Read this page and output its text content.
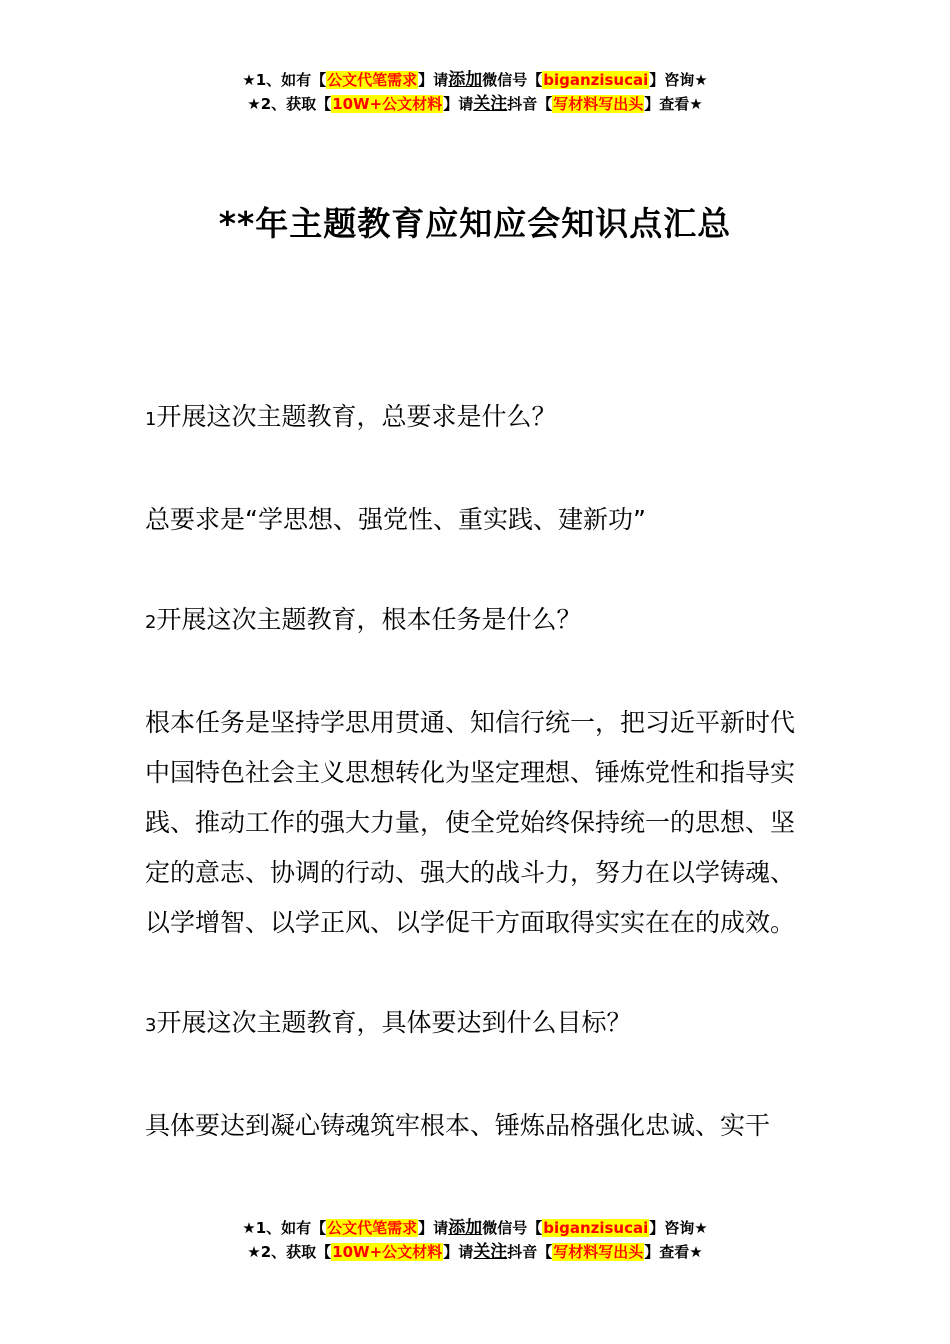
★1、如有【公文代笔需求】请添加微信号【biganzisucai】咨询★
★2、获取【10W+公文材料】请关注抖音【写材料写出头】查看★
**年主题教育应知应会知识点汇总

1开展这次主题教育，总要求是什么？

总要求是“学思想、强党性、重实践、建新功”

2开展这次主题教育，根本任务是什么？

根本任务是坚持学思用贯通、知信行统一，把习近平新时代中国特色社会主义思想转化为坚定理想、锤炼党性和指导实践、推动工作的强大力量，使全党始终保持统一的思想、坚定的意志、协调的行动、强大的战斗力，努力在以学铸魂、以学增智、以学正风、以学促干方面取得实实在在的成效。

3开展这次主题教育，具体要达到什么目标？

具体要达到凝心铸魂筑牢根本、锤炼品格强化忠诚、实干

★1、如有【公文代笔需求】请添加微信号【biganzisucai】咨询★
★2、获取【10W+公文材料】请关注抖音【写材料写出头】查看★
